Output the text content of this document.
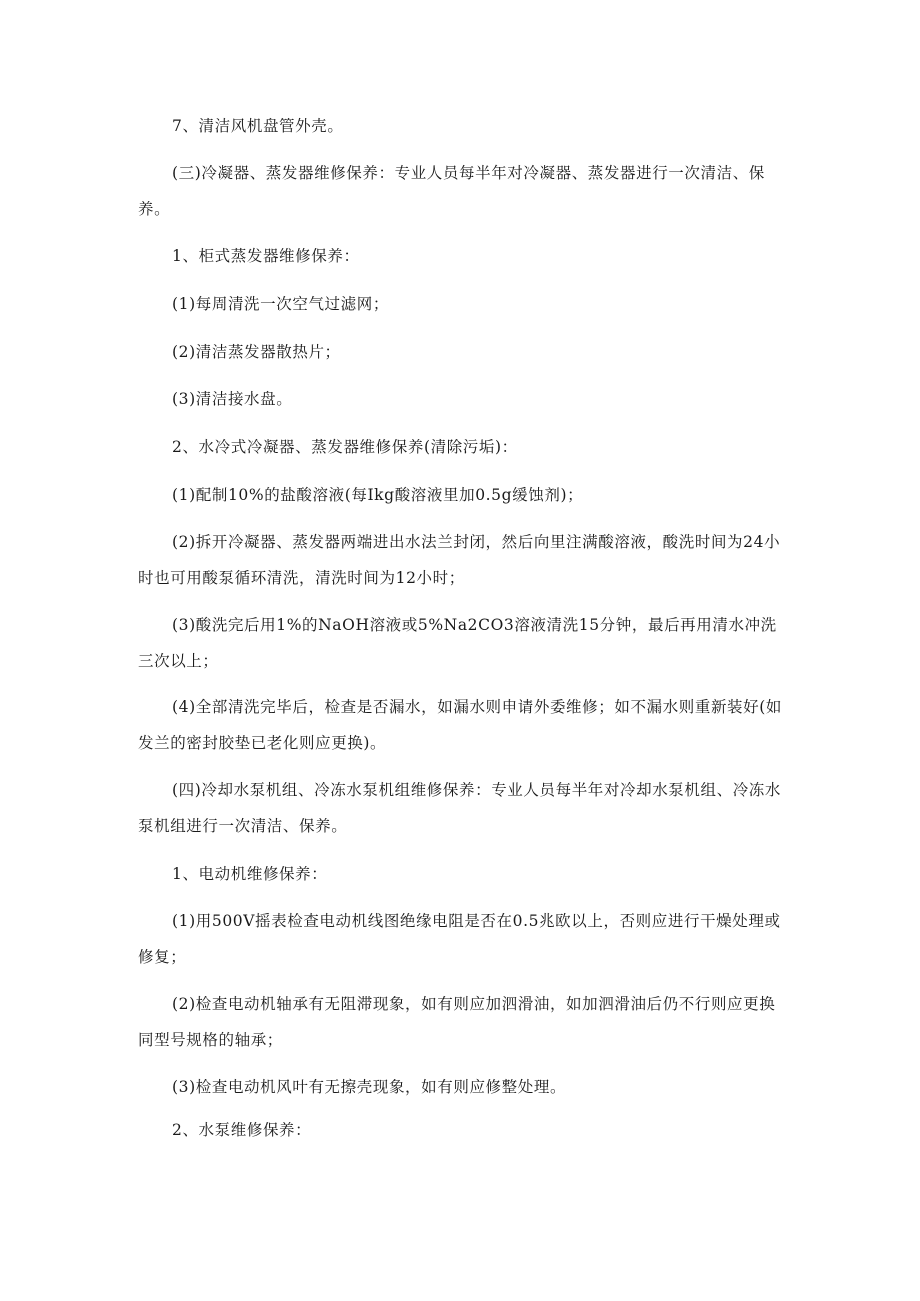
7、清洁风机盘管外壳。

(三)冷凝器、蒸发器维修保养：专业人员每半年对冷凝器、蒸发器进行一次清洁、保养。

1、柜式蒸发器维修保养：

(1)每周清洗一次空气过滤网；

(2)清洁蒸发器散热片；

(3)清洁接水盘。

2、水冷式冷凝器、蒸发器维修保养(清除污垢)：

(1)配制10%的盐酸溶液(每Ikg酸溶液里加0.5g缓蚀剂)；

(2)拆开冷凝器、蒸发器两端进出水法兰封闭，然后向里注满酸溶液，酸洗时间为24小时也可用酸泵循环清洗，清洗时间为12小时；

(3)酸洗完后用1%的NaOH溶液或5%Na2CO3溶液清洗15分钟，最后再用清水冲洗三次以上；

(4)全部清洗完毕后，检查是否漏水，如漏水则申请外委维修；如不漏水则重新装好(如发兰的密封胶垫已老化则应更换)。

(四)冷却水泵机组、冷冻水泵机组维修保养：专业人员每半年对冷却水泵机组、冷冻水泵机组进行一次清洁、保养。

1、电动机维修保养：

(1)用500V摇表检查电动机线图绝缘电阻是否在0.5兆欧以上，否则应进行干燥处理或修复；

(2)检查电动机轴承有无阻滞现象，如有则应加泗滑油，如加泗滑油后仍不行则应更换同型号规格的轴承；

(3)检查电动机风叶有无擦壳现象，如有则应修整处理。

2、水泵维修保养：
